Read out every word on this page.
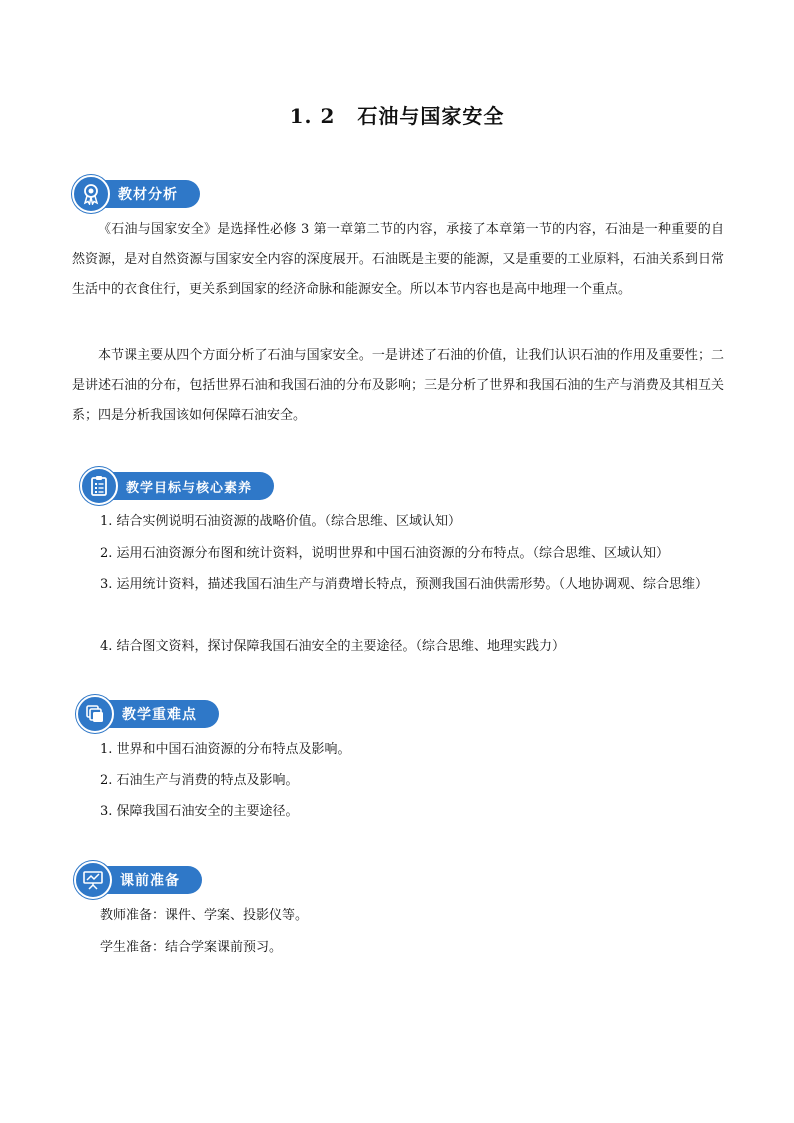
1. 2 石油与国家安全
教材分析

《石油与国家安全》是选择性必修 3 第一章第二节的内容，承接了本章第一节的内容，石油是一种重要的自然资源，是对自然资源与国家安全内容的深度展开。石油既是主要的能源，又是重要的工业原料，石油关系到日常生活中的衣食住行，更关系到国家的经济命脉和能源安全。所以本节内容也是高中地理一个重点。

本节课主要从四个方面分析了石油与国家安全。一是讲述了石油的价值，让我们认识石油的作用及重要性；二是讲述石油的分布，包括世界石油和我国石油的分布及影响；三是分析了世界和我国石油的生产与消费及其相互关系；四是分析我国该如何保障石油安全。

教学目标与核心素养

1. 结合实例说明石油资源的战略价值。（综合思维、区域认知）

2. 运用石油资源分布图和统计资料，说明世界和中国石油资源的分布特点。（综合思维、区域认知）

3. 运用统计资料，描述我国石油生产与消费增长特点，预测我国石油供需形势。（人地协调观、综合思维）

4. 结合图文资料，探讨保障我国石油安全的主要途径。（综合思维、地理实践力）

教学重难点

1. 世界和中国石油资源的分布特点及影响。

2. 石油生产与消费的特点及影响。

3. 保障我国石油安全的主要途径。

课前准备

教师准备：课件、学案、投影仪等。

学生准备：结合学案课前预习。
